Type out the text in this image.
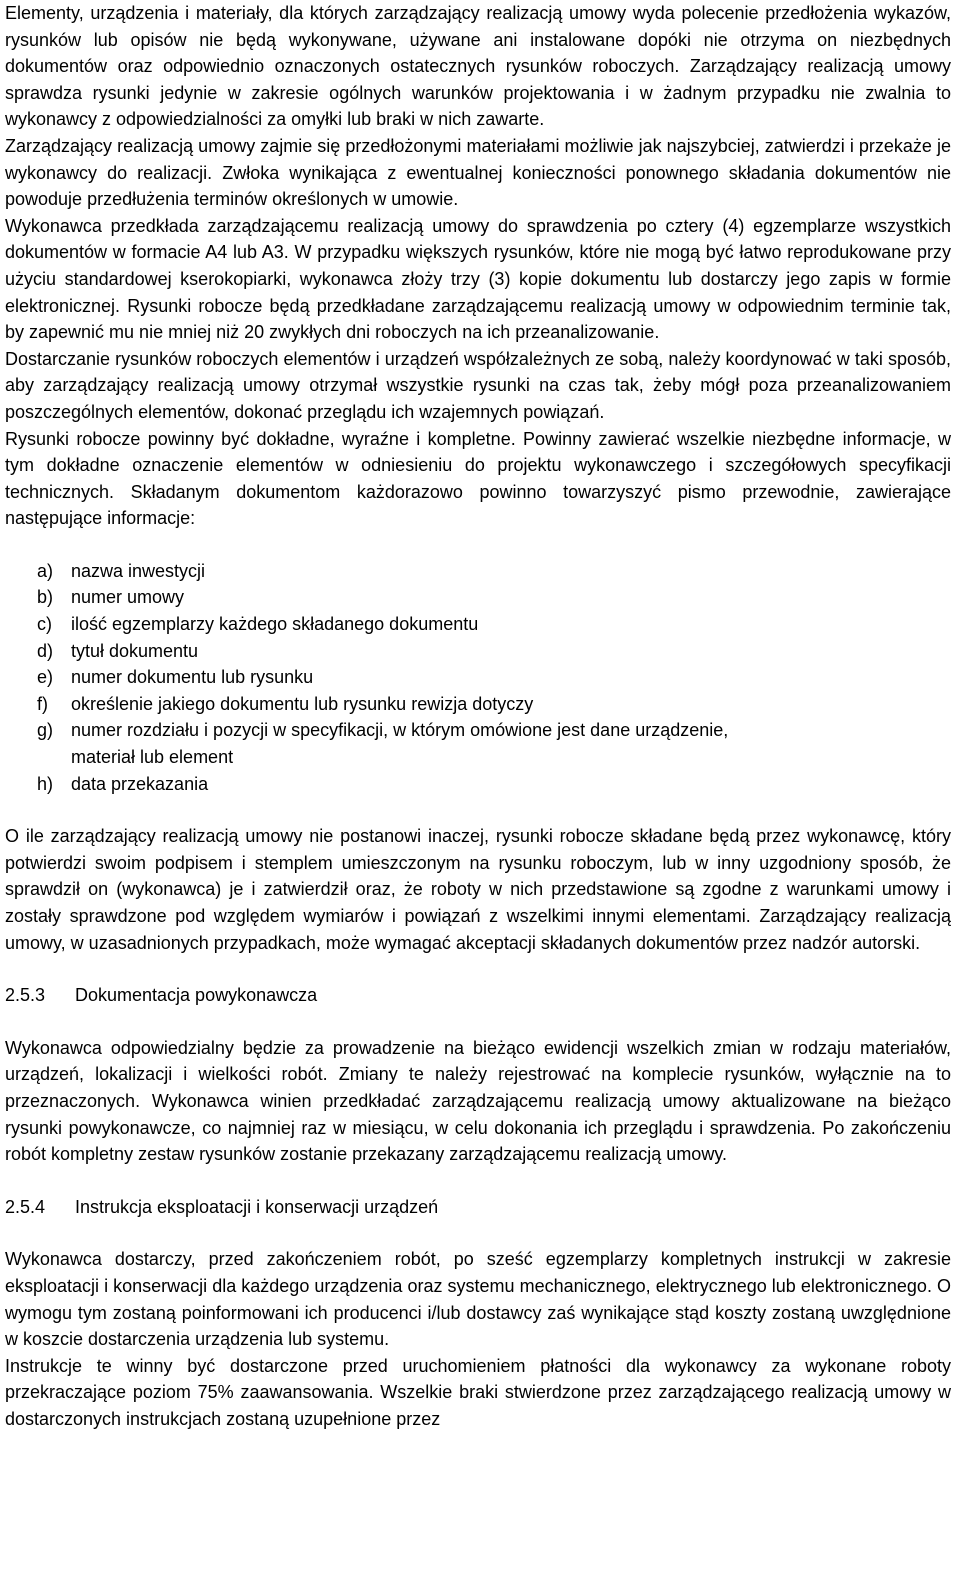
Elementy, urządzenia i materiały, dla których zarządzający realizacją umowy wyda polecenie przedłożenia wykazów, rysunków lub opisów nie będą wykonywane, używane ani instalowane dopóki nie otrzyma on niezbędnych dokumentów oraz odpowiednio oznaczonych ostatecznych rysunków roboczych. Zarządzający realizacją umowy sprawdza rysunki jedynie w zakresie ogólnych warunków projektowania i w żadnym przypadku nie zwalnia to wykonawcy z odpowiedzialności za omyłki lub braki w nich zawarte.

Zarządzający realizacją umowy zajmie się przedłożonymi materiałami możliwie jak najszybciej, zatwierdzi i przekaże je wykonawcy do realizacji. Zwłoka wynikająca z ewentualnej konieczności ponownego składania dokumentów nie powoduje przedłużenia terminów określonych w umowie.

Wykonawca przedkłada zarządzającemu realizacją umowy do sprawdzenia po cztery (4) egzemplarze wszystkich dokumentów w formacie A4 lub A3. W przypadku większych rysunków, które nie mogą być łatwo reprodukowane przy użyciu standardowej kserokopiarki, wykonawca złoży trzy (3) kopie dokumentu lub dostarczy jego zapis w formie elektronicznej. Rysunki robocze będą przedkładane zarządzającemu realizacją umowy w odpowiednim terminie tak, by zapewnić mu nie mniej niż 20 zwykłych dni roboczych na ich przeanalizowanie.

Dostarczanie rysunków roboczych elementów i urządzeń współzależnych ze sobą, należy koordynować w taki sposób, aby zarządzający realizacją umowy otrzymał wszystkie rysunki na czas tak, żeby mógł poza przeanalizowaniem poszczególnych elementów, dokonać przeglądu ich wzajemnych powiązań.

Rysunki robocze powinny być dokładne, wyraźne i kompletne. Powinny zawierać wszelkie niezbędne informacje, w tym dokładne oznaczenie elementów w odniesieniu do projektu wykonawczego i szczegółowych specyfikacji technicznych. Składanym dokumentom każdorazowo powinno towarzyszyć pismo przewodnie, zawierające następujące informacje:

a) nazwa inwestycji
b) numer umowy
c) ilość egzemplarzy każdego składanego dokumentu
d) tytuł dokumentu
e) numer dokumentu lub rysunku
f) określenie jakiego dokumentu lub rysunku rewizja dotyczy
g) numer rozdziału i pozycji w specyfikacji, w którym omówione jest dane urządzenie, materiał lub element
h) data przekazania

O ile zarządzający realizacją umowy nie postanowi inaczej, rysunki robocze składane będą przez wykonawcę, który potwierdzi swoim podpisem i stemplem umieszczonym na rysunku roboczym, lub w inny uzgodniony sposób, że sprawdził on (wykonawca) je i zatwierdził oraz, że roboty w nich przedstawione są zgodne z warunkami umowy i zostały sprawdzone pod względem wymiarów i powiązań z wszelkimi innymi elementami. Zarządzający realizacją umowy, w uzasadnionych przypadkach, może wymagać akceptacji składanych dokumentów przez nadzór autorski.

2.5.3 Dokumentacja powykonawcza

Wykonawca odpowiedzialny będzie za prowadzenie na bieżąco ewidencji wszelkich zmian w rodzaju materiałów, urządzeń, lokalizacji i wielkości robót. Zmiany te należy rejestrować na komplecie rysunków, wyłącznie na to przeznaczonych. Wykonawca winien przedkładać zarządzającemu realizacją umowy aktualizowane na bieżąco rysunki powykonawcze, co najmniej raz w miesiącu, w celu dokonania ich przeglądu i sprawdzenia. Po zakończeniu robót kompletny zestaw rysunków zostanie przekazany zarządzającemu realizacją umowy.

2.5.4 Instrukcja eksploatacji i konserwacji urządzeń

Wykonawca dostarczy, przed zakończeniem robót, po sześć egzemplarzy kompletnych instrukcji w zakresie eksploatacji i konserwacji dla każdego urządzenia oraz systemu mechanicznego, elektrycznego lub elektronicznego. O wymogu tym zostaną poinformowani ich producenci i/lub dostawcy zaś wynikające stąd koszty zostaną uwzględnione w koszcie dostarczenia urządzenia lub systemu.

Instrukcje te winny być dostarczone przed uruchomieniem płatności dla wykonawcy za wykonane roboty przekraczające poziom 75% zaawansowania. Wszelkie braki stwierdzone przez zarządzającego realizacją umowy w dostarczonych instrukcjach zostaną uzupełnione przez
